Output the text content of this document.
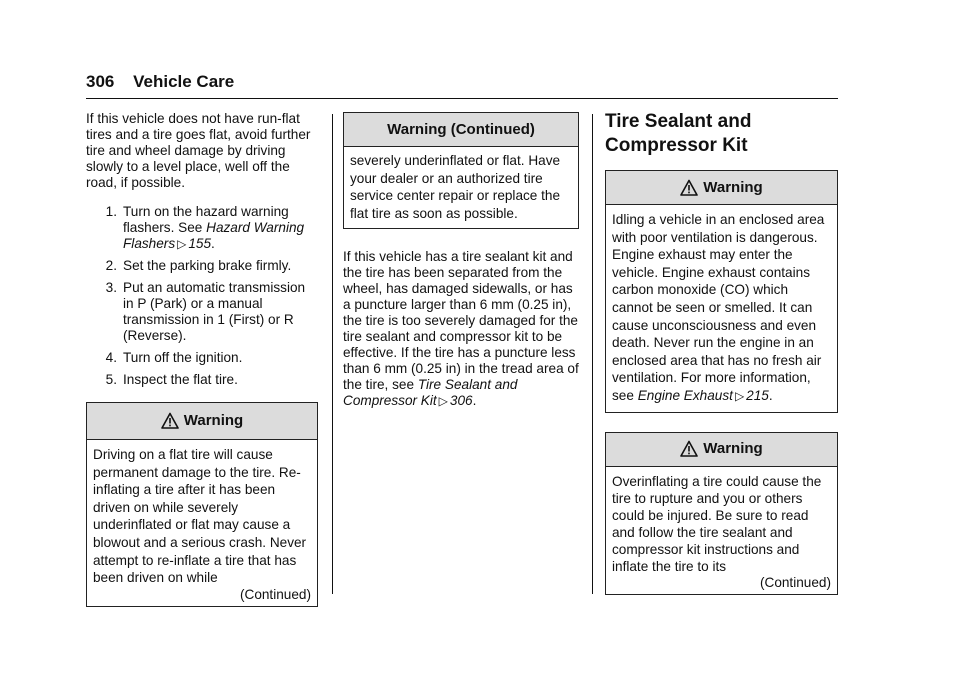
306 Vehicle Care

If this vehicle does not have run-flat tires and a tire goes flat, avoid further tire and wheel damage by driving slowly to a level place, well off the road, if possible.

1. Turn on the hazard warning flashers. See Hazard Warning Flashers ▷ 155.
2. Set the parking brake firmly.
3. Put an automatic transmission in P (Park) or a manual transmission in 1 (First) or R (Reverse).
4. Turn off the ignition.
5. Inspect the flat tire.
Warning
Driving on a flat tire will cause permanent damage to the tire. Re-inflating a tire after it has been driven on while severely underinflated or flat may cause a blowout and a serious crash. Never attempt to re-inflate a tire that has been driven on while
(Continued)
Warning (Continued)
severely underinflated or flat. Have your dealer or an authorized tire service center repair or replace the flat tire as soon as possible.

If this vehicle has a tire sealant kit and the tire has been separated from the wheel, has damaged sidewalls, or has a puncture larger than 6 mm (0.25 in), the tire is too severely damaged for the tire sealant and compressor kit to be effective. If the tire has a puncture less than 6 mm (0.25 in) in the tread area of the tire, see Tire Sealant and Compressor Kit ▷ 306.

Tire Sealant and Compressor Kit
Warning
Idling a vehicle in an enclosed area with poor ventilation is dangerous. Engine exhaust may enter the vehicle. Engine exhaust contains carbon monoxide (CO) which cannot be seen or smelled. It can cause unconsciousness and even death. Never run the engine in an enclosed area that has no fresh air ventilation. For more information, see Engine Exhaust ▷ 215.
Warning
Overinflating a tire could cause the tire to rupture and you or others could be injured. Be sure to read and follow the tire sealant and compressor kit instructions and inflate the tire to its
(Continued)
